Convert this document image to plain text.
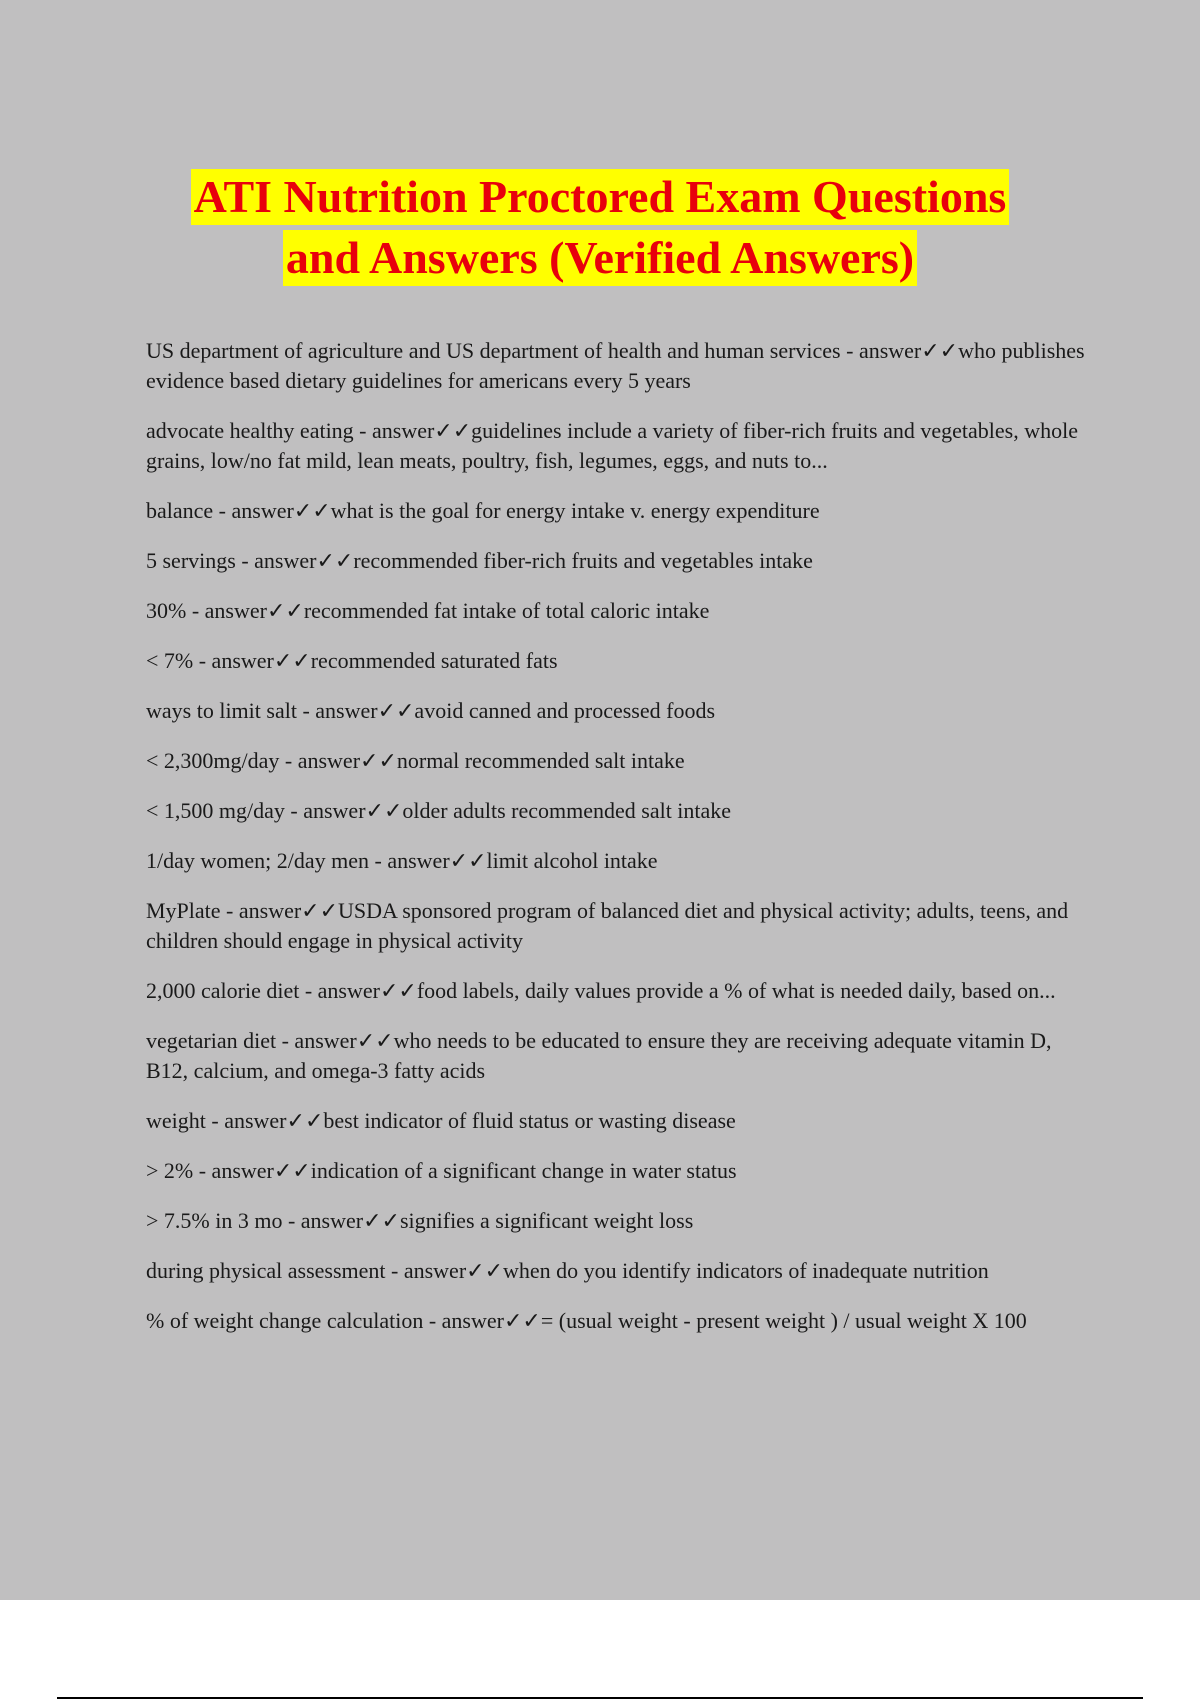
ATI Nutrition Proctored Exam Questions
and Answers (Verified Answers)

US department of agriculture and US department of health and human services - answer✓✓who publishes evidence based dietary guidelines for americans every 5 years

advocate healthy eating - answer✓✓guidelines include a variety of fiber-rich fruits and vegetables, whole grains, low/no fat mild, lean meats, poultry, fish, legumes, eggs, and nuts to...

balance - answer✓✓what is the goal for energy intake v. energy expenditure

5 servings - answer✓✓recommended fiber-rich fruits and vegetables intake

30% - answer✓✓recommended fat intake of total caloric intake

< 7% - answer✓✓recommended saturated fats

ways to limit salt - answer✓✓avoid canned and processed foods

< 2,300mg/day - answer✓✓normal recommended salt intake

< 1,500 mg/day - answer✓✓older adults recommended salt intake

1/day women; 2/day men - answer✓✓limit alcohol intake

MyPlate - answer✓✓USDA sponsored program of balanced diet and physical activity; adults, teens, and children should engage in physical activity

2,000 calorie diet - answer✓✓food labels, daily values provide a % of what is needed daily, based on...

vegetarian diet - answer✓✓who needs to be educated to ensure they are receiving adequate vitamin D, B12, calcium, and omega-3 fatty acids

weight - answer✓✓best indicator of fluid status or wasting disease

> 2% - answer✓✓indication of a significant change in water status

> 7.5% in 3 mo - answer✓✓signifies a significant weight loss

during physical assessment - answer✓✓when do you identify indicators of inadequate nutrition

% of weight change calculation - answer✓✓= (usual weight - present weight ) / usual weight X 100
